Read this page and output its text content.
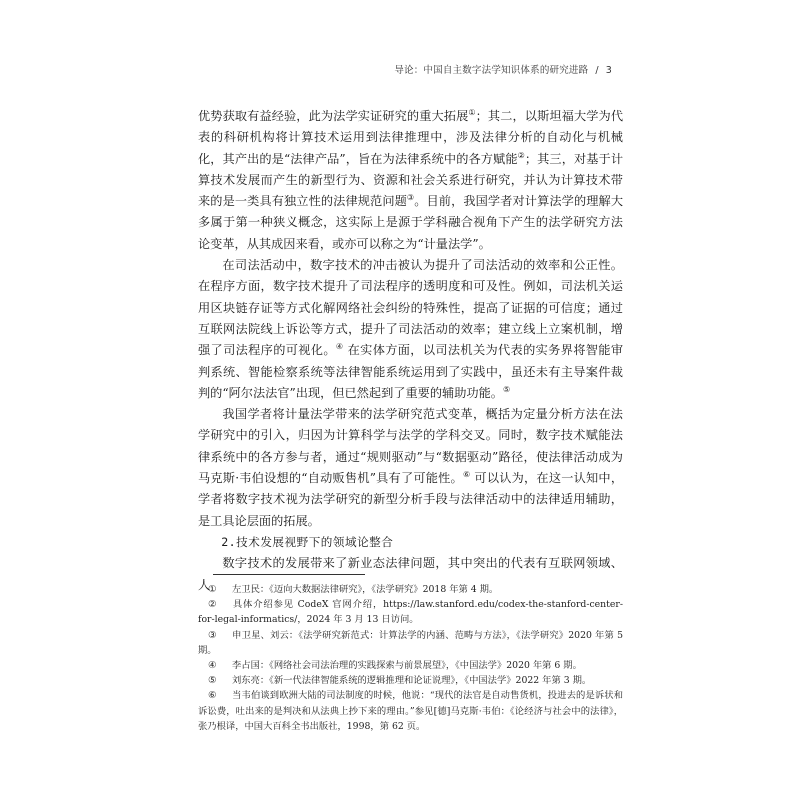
导论：中国自主数字法学知识体系的研究进路 / 3

优势获取有益经验，此为法学实证研究的重大拓展①；其二，以斯坦福大学为代表的科研机构将计算技术运用到法律推理中，涉及法律分析的自动化与机械化，其产出的是“法律产品”，旨在为法律系统中的各方赋能②；其三，对基于计算技术发展而产生的新型行为、资源和社会关系进行研究，并认为计算技术带来的是一类具有独立性的法律规范问题③。目前，我国学者对计算法学的理解大多属于第一种狭义概念，这实际上是源于学科融合视角下产生的法学研究方法论变革，从其成因来看，或亦可以称之为“计量法学”。

在司法活动中，数字技术的冲击被认为提升了司法活动的效率和公正性。在程序方面，数字技术提升了司法程序的透明度和可及性。例如，司法机关运用区块链存证等方式化解网络社会纠纷的特殊性，提高了证据的可信度；通过互联网法院线上诉讼等方式，提升了司法活动的效率；建立线上立案机制，增强了司法程序的可视化。④ 在实体方面，以司法机关为代表的实务界将智能审判系统、智能检察系统等法律智能系统运用到了实践中，虽还未有主导案件裁判的“阿尔法法官”出现，但已然起到了重要的辅助功能。⑤

我国学者将计量法学带来的法学研究范式变革，概括为定量分析方法在法学研究中的引入，归因为计算科学与法学的学科交叉。同时，数字技术赋能法律系统中的各方参与者，通过“规则驱动”与“数据驱动”路径，使法律活动成为马克斯·韦伯设想的“自动贩售机”具有了可能性。⑥ 可以认为，在这一认知中，学者将数字技术视为法学研究的新型分析手段与法律活动中的法律适用辅助，是工具论层面的拓展。

2.技术发展视野下的领域论整合

数字技术的发展带来了新业态法律问题，其中突出的代表有互联网领域、人

① 左卫民：《迈向大数据法律研究》，《法学研究》2018 年第 4 期。

② 具体介绍参见 CodeX 官网介绍，https://law.stanford.edu/codex-the-stanford-center-for-legal-informatics/，2024 年 3 月 13 日访问。

③ 申卫星、刘云：《法学研究新范式：计算法学的内涵、范畴与方法》，《法学研究》2020 年第 5 期。

④ 李占国：《网络社会司法治理的实践探索与前景展望》，《中国法学》2020 年第 6 期。

⑤ 刘东亮：《新一代法律智能系统的逻辑推理和论证说理》，《中国法学》2022 年第 3 期。

⑥ 当韦伯谈到欧洲大陆的司法制度的时候，他说：“现代的法官是自动售货机，投进去的是诉状和诉讼费，吐出来的是判决和从法典上抄下来的理由。”参见[德]马克斯·韦伯：《论经济与社会中的法律》，张乃根译，中国大百科全书出版社，1998，第 62 页。
